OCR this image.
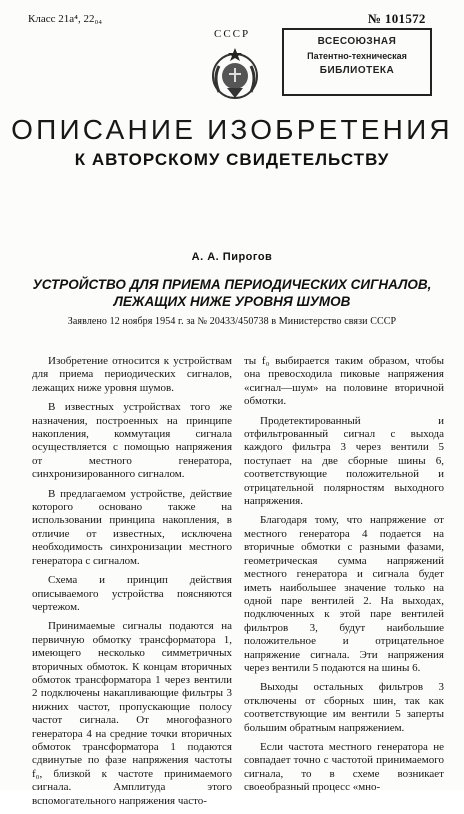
Класс 21a⁴, 22₀₄
СССР
№ 101572
ВСЕСОЮЗНАЯ
Патентно-техническая
БИБЛИОТЕКА
ОПИСАНИЕ ИЗОБРЕТЕНИЯ
К АВТОРСКОМУ СВИДЕТЕЛЬСТВУ
А. А. Пирогов
УСТРОЙСТВО ДЛЯ ПРИЕМА ПЕРИОДИЧЕСКИХ СИГНАЛОВ, ЛЕЖАЩИХ НИЖЕ УРОВНЯ ШУМОВ
Заявлено 12 ноября 1954 г. за № 20433/450738 в Министерство связи СССР

Изобретение относится к устройствам для приема периодических сигналов, лежащих ниже уровня шумов.

В известных устройствах того же назначения, построенных на принципе накопления, коммутация сигнала осуществляется с помощью напряжения от местного генератора, синхронизированного сигналом.

В предлагаемом устройстве, действие которого основано также на использовании принципа накопления, в отличие от известных, исключена необходимость синхронизации местного генератора с сигналом.

Схема и принцип действия описываемого устройства поясняются чертежом.

Принимаемые сигналы подаются на первичную обмотку трансформатора 1, имеющего несколько симметричных вторичных обмоток. К концам вторичных обмоток трансформатора 1 через вентили 2 подключены накапливающие фильтры 3 нижних частот, пропускающие полосу частот сигнала. От многофазного генератора 4 на средние точки вторичных обмоток трансформатора 1 подаются сдвинутые по фазе напряжения частоты f₀, близкой к частоте принимаемого сигнала. Амплитуда этого вспомогательного напряжения часто-

ты f₀ выбирается таким образом, чтобы она превосходила пиковые напряжения «сигнал—шум» на половине вторичной обмотки.

Продетектированный и отфильтрованный сигнал с выхода каждого фильтра 3 через вентили 5 поступает на две сборные шины 6, соответствующие положительной и отрицательной полярностям выходного напряжения.

Благодаря тому, что напряжение от местного генератора 4 подается на вторичные обмотки с разными фазами, геометрическая сумма напряжений местного генератора и сигнала будет иметь наибольшее значение только на одной паре вентилей 2. На выходах, подключенных к этой паре вентилей фильтров 3, будут наибольшие положительное и отрицательное напряжение сигнала. Эти напряжения через вентили 5 подаются на шины 6.

Выходы остальных фильтров 3 отключены от сборных шин, так как соответствующие им вентили 5 заперты большим обратным напряжением.

Если частота местного генератора не совпадает точно с частотой принимаемого сигнала, то в схеме возникает своеобразный процесс «мно-
